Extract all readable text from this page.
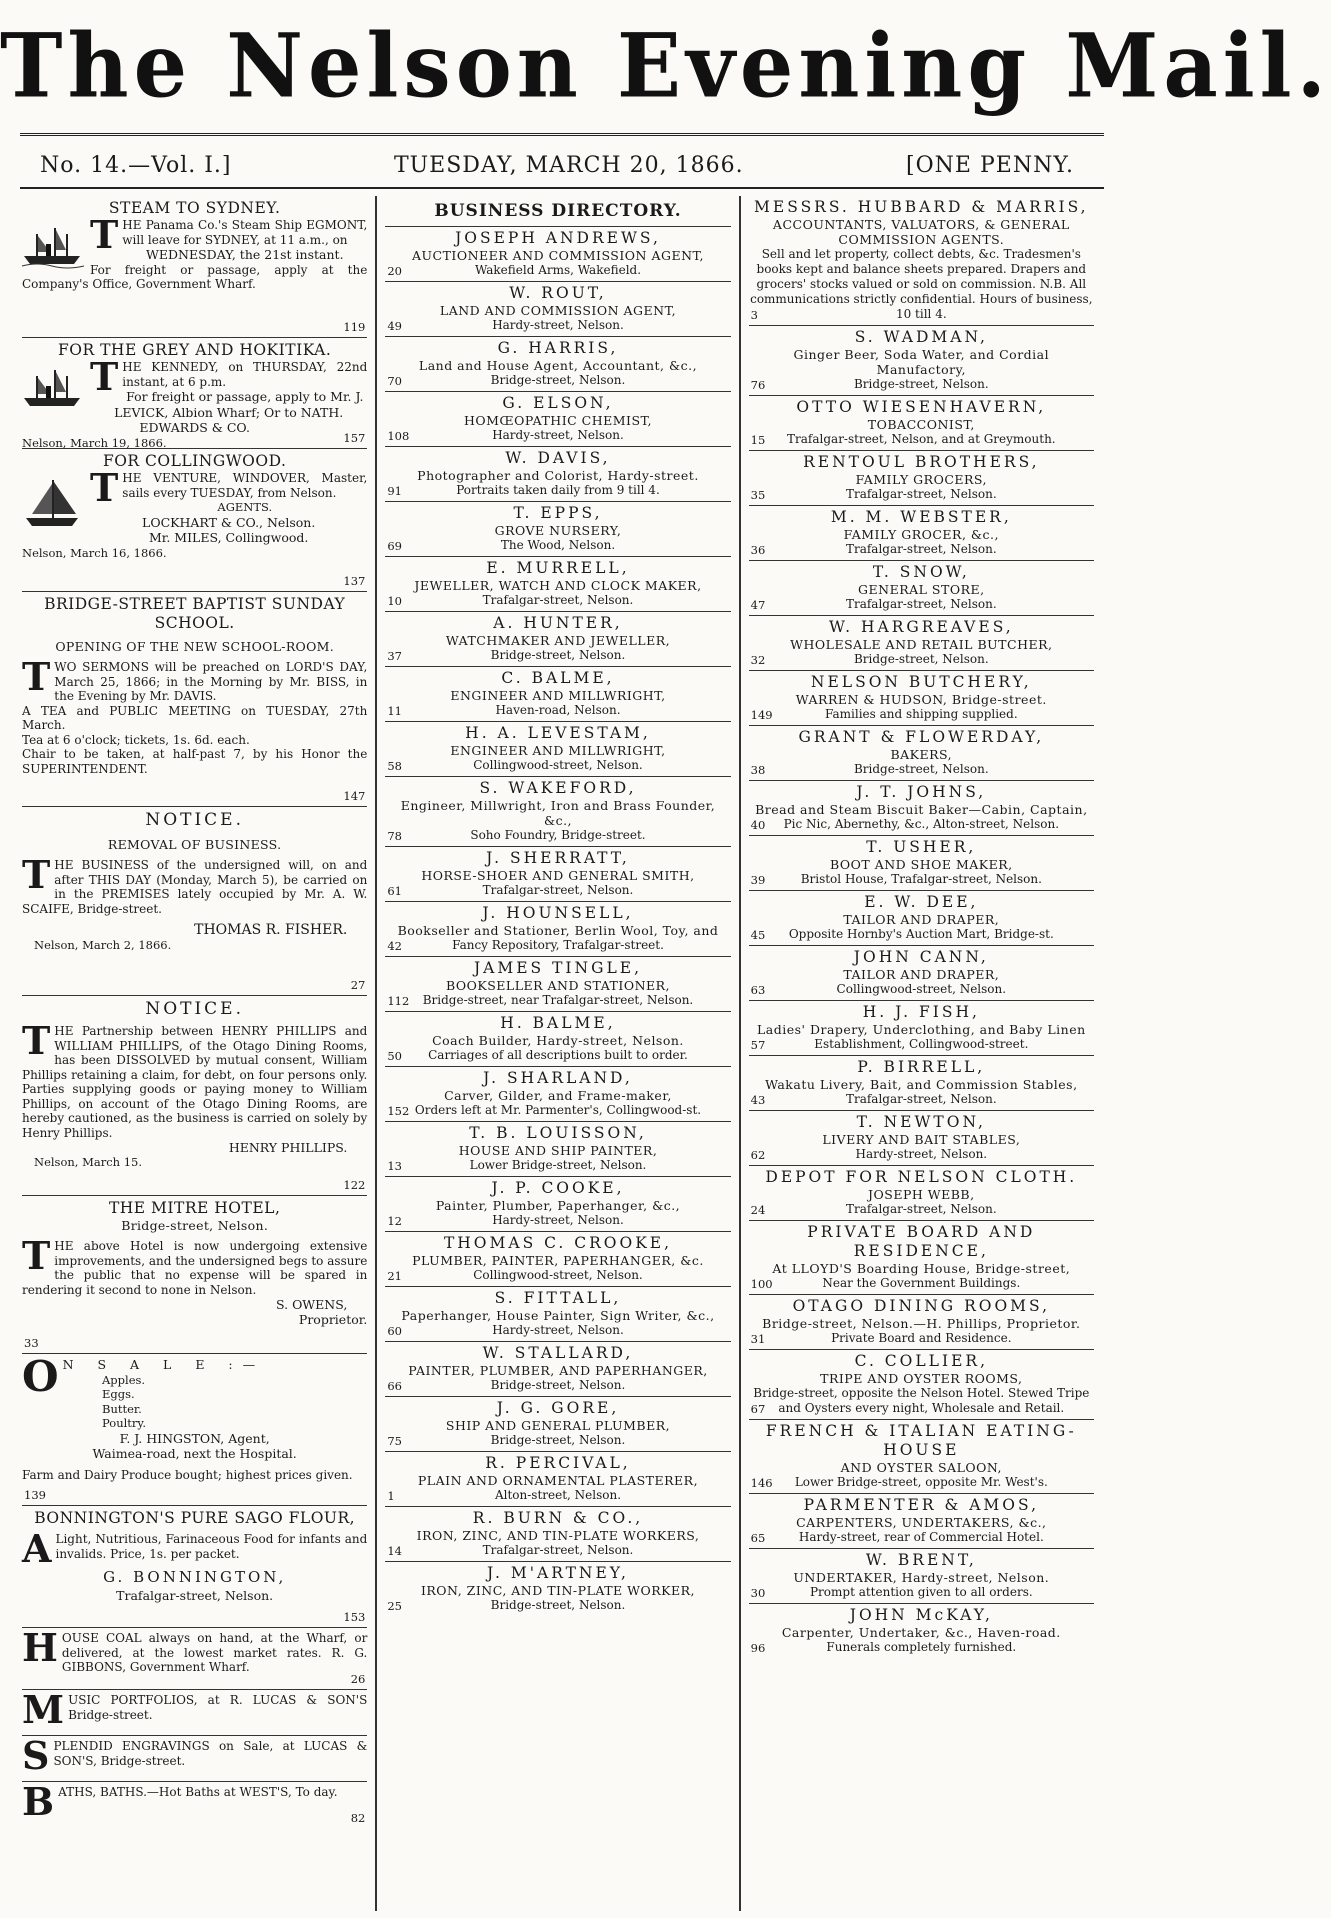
The Nelson Evening Mail.
No. 14.—Vol. I.]	TUESDAY, MARCH 20, 1866.	[ONE PENNY.
STEAM TO SYDNEY.
THE Panama Co.'s Steam Ship EGMONT, will leave for SYDNEY, at 11 a.m., on
WEDNESDAY, the 21st instant.
For freight or passage, apply at the Company's Office, Government Wharf.
119
FOR THE GREY AND HOKITIKA.
THE KENNEDY, on THURSDAY, 22nd instant, at 6 p.m.
For freight or passage, apply to Mr. J. LEVICK, Albion Wharf; Or to NATH. EDWARDS & CO.
Nelson, March 19, 1866.	157
FOR COLLINGWOOD.
THE VENTURE, WINDOVER, Master, sails every TUESDAY, from Nelson.
AGENTS.
LOCKHART & CO., Nelson.
Mr. MILES, Collingwood.
Nelson, March 16, 1866.
137
BRIDGE-STREET BAPTIST SUNDAY SCHOOL.
OPENING OF THE NEW SCHOOL-ROOM.
TWO SERMONS will be preached on LORD'S DAY, March 25, 1866; in the Morning by Mr. BISS, in the Evening by Mr. DAVIS.
A TEA and PUBLIC MEETING on TUESDAY, 27th March.
Tea at 6 o'clock; tickets, 1s. 6d. each.
Chair to be taken, at half-past 7, by his Honor the SUPERINTENDENT.
147
NOTICE.
REMOVAL OF BUSINESS.
THE BUSINESS of the undersigned will, on and after THIS DAY (Monday, March 5), be carried on in the PREMISES lately occupied by Mr. A. W. SCAIFE, Bridge-street.
THOMAS R. FISHER.
Nelson, March 2, 1866.
27
NOTICE.
THE Partnership between HENRY PHILLIPS and WILLIAM PHILLIPS, of the Otago Dining Rooms, has been DISSOLVED by mutual consent, William Phillips retaining a claim, for debt, on four persons only. Parties supplying goods or paying money to William Phillips, on account of the Otago Dining Rooms, are hereby cautioned, as the business is carried on solely by Henry Phillips.
HENRY PHILLIPS.
Nelson, March 15.
122
THE MITRE HOTEL,
Bridge-street, Nelson.
THE above Hotel is now undergoing extensive improvements, and the undersigned begs to assure the public that no expense will be spared in rendering it second to none in Nelson.
S. OWENS,
Proprietor.
33
O N S A L E :—
Apples.
Eggs.
Butter.
Poultry.
F. J. HINGSTON, Agent,
Waimea-road, next the Hospital.
Farm and Dairy Produce bought; highest prices given.
139
BONNINGTON'S PURE SAGO FLOUR,
A Light, Nutritious, Farinaceous Food for infants and invalids. Price, 1s. per packet.
G. BONNINGTON,
Trafalgar-street, Nelson.
153
HOUSE COAL always on hand, at the Wharf, or delivered, at the lowest market rates. R. G. GIBBONS, Government Wharf.
26
MUSIC PORTFOLIOS, at R. LUCAS & SON'S Bridge-street.
SPLENDID ENGRAVINGS on Sale, at LUCAS & SON'S, Bridge-street.
BATHS, BATHS.—Hot Baths at WEST'S, To day.
82
BUSINESS DIRECTORY.
JOSEPH ANDREWS,
AUCTIONEER AND COMMISSION AGENT,
Wakefield Arms, Wakefield.
20
W. ROUT,
LAND AND COMMISSION AGENT,
Hardy-street, Nelson.
49
G. HARRIS,
Land and House Agent, Accountant, &c.,
Bridge-street, Nelson.
70
G. ELSON,
HOMŒOPATHIC CHEMIST,
Hardy-street, Nelson.
108
W. DAVIS,
Photographer and Colorist, Hardy-street.
Portraits taken daily from 9 till 4.
91
T. EPPS,
GROVE NURSERY,
The Wood, Nelson.
69
E. MURRELL,
JEWELLER, WATCH AND CLOCK MAKER,
Trafalgar-street, Nelson.
10
A. HUNTER,
WATCHMAKER AND JEWELLER,
Bridge-street, Nelson.
37
C. BALME,
ENGINEER AND MILLWRIGHT,
Haven-road, Nelson.
11
H. A. LEVESTAM,
ENGINEER AND MILLWRIGHT,
Collingwood-street, Nelson.
58
S. WAKEFORD,
Engineer, Millwright, Iron and Brass Founder, &c.,
Soho Foundry, Bridge-street.
78
J. SHERRATT,
HORSE-SHOER AND GENERAL SMITH,
Trafalgar-street, Nelson.
61
J. HOUNSELL,
Bookseller and Stationer, Berlin Wool, Toy, and
Fancy Repository, Trafalgar-street.
42
JAMES TINGLE,
BOOKSELLER AND STATIONER,
Bridge-street, near Trafalgar-street, Nelson.
112
H. BALME,
Coach Builder, Hardy-street, Nelson.
Carriages of all descriptions built to order.
50
J. SHARLAND,
Carver, Gilder, and Frame-maker,
Orders left at Mr. Parmenter's, Collingwood-st.
152
T. B. LOUISSON,
HOUSE AND SHIP PAINTER,
Lower Bridge-street, Nelson.
13
J. P. COOKE,
Painter, Plumber, Paperhanger, &c.,
Hardy-street, Nelson.
12
THOMAS C. CROOKE,
PLUMBER, PAINTER, PAPERHANGER, &c.
Collingwood-street, Nelson.
21
S. FITTALL,
Paperhanger, House Painter, Sign Writer, &c.,
Hardy-street, Nelson.
60
W. STALLARD,
PAINTER, PLUMBER, AND PAPERHANGER,
Bridge-street, Nelson.
66
J. G. GORE,
SHIP AND GENERAL PLUMBER,
Bridge-street, Nelson.
75
R. PERCIVAL,
PLAIN AND ORNAMENTAL PLASTERER,
Alton-street, Nelson.
1
R. BURN & CO.,
IRON, ZINC, AND TIN-PLATE WORKERS,
Trafalgar-street, Nelson.
14
J. M'ARTNEY,
IRON, ZINC, AND TIN-PLATE WORKER,
Bridge-street, Nelson.
25
MESSRS. HUBBARD & MARRIS,
ACCOUNTANTS, VALUATORS, & GENERAL COMMISSION AGENTS.
Sell and let property, collect debts, &c. Tradesmen's books kept and balance sheets prepared. Drapers and grocers' stocks valued or sold on commission. N.B. All communications strictly confidential. Hours of business, 10 till 4.
3
S. WADMAN,
Ginger Beer, Soda Water, and Cordial Manufactory,
Bridge-street, Nelson.
76
OTTO WIESENHAVERN,
TOBACCONIST,
Trafalgar-street, Nelson, and at Greymouth.
15
RENTOUL BROTHERS,
FAMILY GROCERS,
Trafalgar-street, Nelson.
35
M. M. WEBSTER,
FAMILY GROCER, &c.,
Trafalgar-street, Nelson.
36
T. SNOW,
GENERAL STORE,
Trafalgar-street, Nelson.
47
W. HARGREAVES,
WHOLESALE AND RETAIL BUTCHER,
Bridge-street, Nelson.
32
NELSON BUTCHERY,
WARREN & HUDSON, Bridge-street.
Families and shipping supplied.
149
GRANT & FLOWERDAY,
BAKERS,
Bridge-street, Nelson.
38
J. T. JOHNS,
Bread and Steam Biscuit Baker—Cabin, Captain,
Pic Nic, Abernethy, &c., Alton-street, Nelson.
40
T. USHER,
BOOT AND SHOE MAKER,
Bristol House, Trafalgar-street, Nelson.
39
E. W. DEE,
TAILOR AND DRAPER,
Opposite Hornby's Auction Mart, Bridge-st.
45
JOHN CANN,
TAILOR AND DRAPER,
Collingwood-street, Nelson.
63
H. J. FISH,
Ladies' Drapery, Underclothing, and Baby Linen
Establishment, Collingwood-street.
57
P. BIRRELL,
Wakatu Livery, Bait, and Commission Stables,
Trafalgar-street, Nelson.
43
T. NEWTON,
LIVERY AND BAIT STABLES,
Hardy-street, Nelson.
62
DEPOT FOR NELSON CLOTH.
JOSEPH WEBB,
Trafalgar-street, Nelson.
24
PRIVATE BOARD AND RESIDENCE,
At LLOYD'S Boarding House, Bridge-street,
Near the Government Buildings.
100
OTAGO DINING ROOMS,
Bridge-street, Nelson.—H. Phillips, Proprietor.
Private Board and Residence.
31
C. COLLIER,
TRIPE AND OYSTER ROOMS,
Bridge-street, opposite the Nelson Hotel. Stewed Tripe and Oysters every night, Wholesale and Retail.
67
FRENCH & ITALIAN EATING-HOUSE
AND OYSTER SALOON,
Lower Bridge-street, opposite Mr. West's.
146
PARMENTER & AMOS,
CARPENTERS, UNDERTAKERS, &c.,
Hardy-street, rear of Commercial Hotel.
65
W. BRENT,
UNDERTAKER, Hardy-street, Nelson.
Prompt attention given to all orders.
30
JOHN McKAY,
Carpenter, Undertaker, &c., Haven-road.
Funerals completely furnished.
96
